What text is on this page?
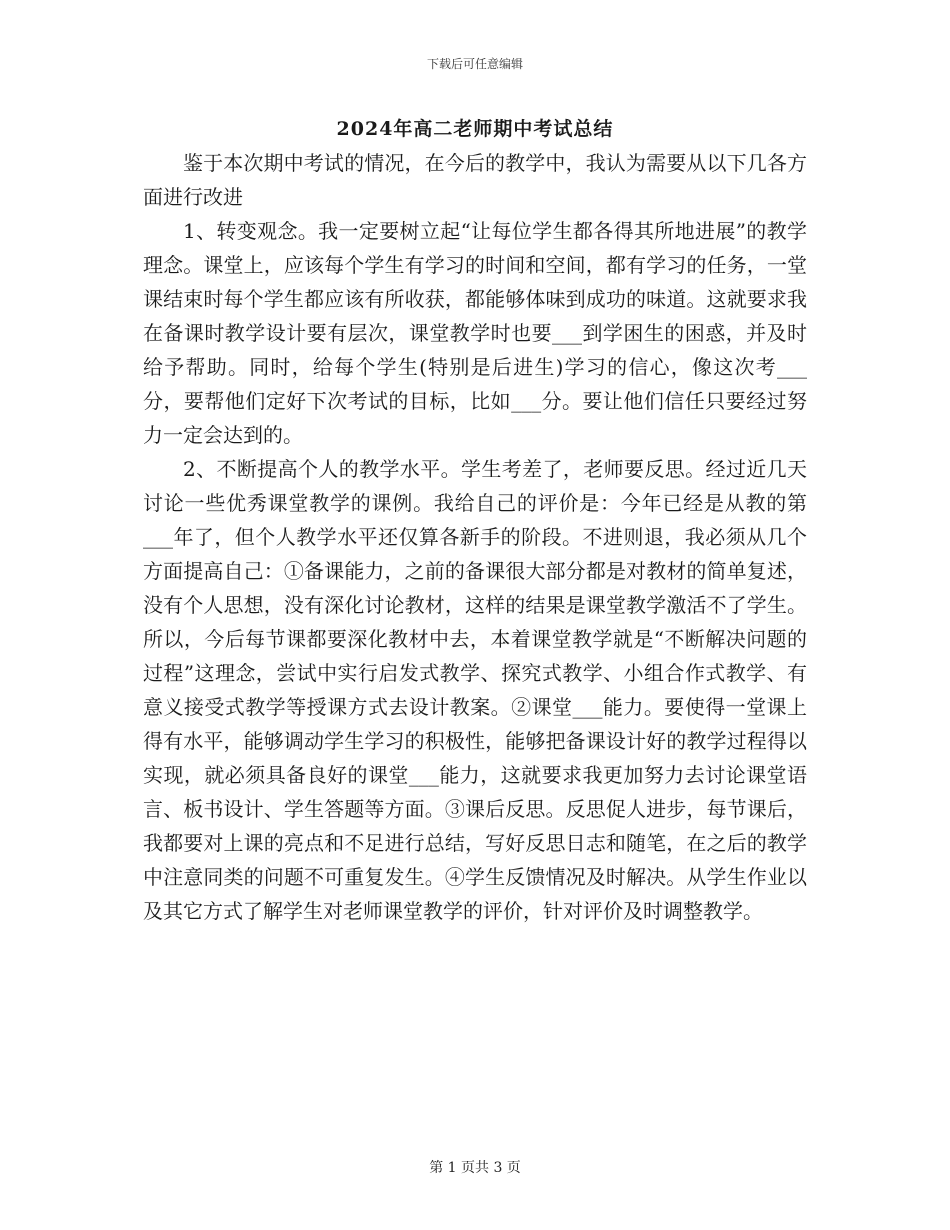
下载后可任意编辑
2024年高二老师期中考试总结

鉴于本次期中考试的情况，在今后的教学中，我认为需要从以下几各方面进行改进

1、转变观念。我一定要树立起“让每位学生都各得其所地进展”的教学理念。课堂上，应该每个学生有学习的时间和空间，都有学习的任务，一堂课结束时每个学生都应该有所收获，都能够体味到成功的味道。这就要求我在备课时教学设计要有层次，课堂教学时也要___到学困生的困惑，并及时给予帮助。同时，给每个学生(特别是后进生)学习的信心，像这次考___分，要帮他们定好下次考试的目标，比如___分。要让他们信任只要经过努力一定会达到的。

2、不断提高个人的教学水平。学生考差了，老师要反思。经过近几天讨论一些优秀课堂教学的课例。我给自己的评价是：今年已经是从教的第___年了，但个人教学水平还仅算各新手的阶段。不进则退，我必须从几个方面提高自己：①备课能力，之前的备课很大部分都是对教材的简单复述，没有个人思想，没有深化讨论教材，这样的结果是课堂教学激活不了学生。所以，今后每节课都要深化教材中去，本着课堂教学就是“不断解决问题的过程”这理念，尝试中实行启发式教学、探究式教学、小组合作式教学、有意义接受式教学等授课方式去设计教案。②课堂___能力。要使得一堂课上得有水平，能够调动学生学习的积极性，能够把备课设计好的教学过程得以实现，就必须具备良好的课堂___能力，这就要求我更加努力去讨论课堂语言、板书设计、学生答题等方面。③课后反思。反思促人进步，每节课后，我都要对上课的亮点和不足进行总结，写好反思日志和随笔，在之后的教学中注意同类的问题不可重复发生。④学生反馈情况及时解决。从学生作业以及其它方式了解学生对老师课堂教学的评价，针对评价及时调整教学。

第 1 页共 3 页
